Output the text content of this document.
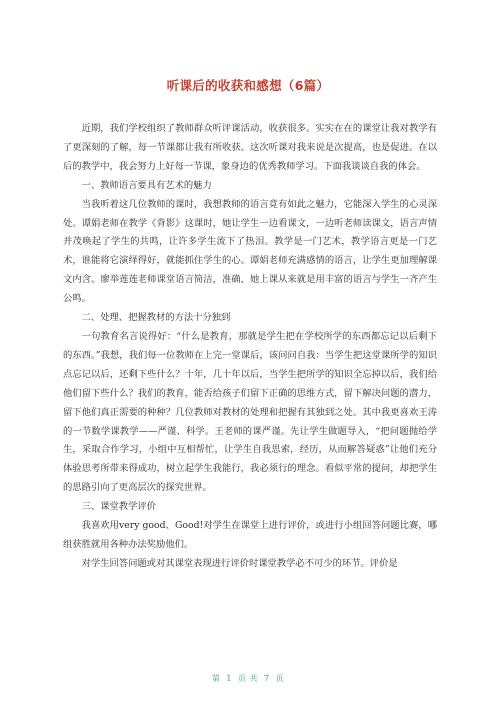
听课后的收获和感想（6篇）

近期，我们学校组织了教师群众听评课活动，收获很多。实实在在的课堂让我对教学有了更深刻的了解，每一节课都让我有所收获。这次听课对我来说是次提高，也是促进。在以后的教学中，我会努力上好每一节课，象身边的优秀教师学习。下面我谈谈自我的体会。

一、教师语言要具有艺术的魅力

当我听着这几位教师的课时，我想教师的语言竟有如此之魅力，它能深入学生的心灵深处。谭娟老师在教学《背影》这课时，她让学生一边看课文，一边听老师读课文，语言声情并茂唤起了学生的共鸣，让许多学生流下了热泪。教学是一门艺术，教学语言更是一门艺术，谁能将它演绎得好，就能抓住学生的心。谭娟老师充满感情的语言，让学生更加理解课文内含。廖举莲莲老师课堂语言简洁，准确，她上课从来就是用丰富的语言与学生一齐产生公鸣。

二、处理、把握教材的方法十分独到

一句教育名言说得好：“什么是教育，那就是学生把在学校所学的东西都忘记以后剩下的东西。”我想，我们每一位教师在上完一堂课后，该问问自我：当学生把这堂课所学的知识点忘记以后，还剩下些什么？十年，几十年以后，当学生把所学的知识全忘掉以后，我们给他们留下些什么？我们的教育，能否给孩子们留下正确的思维方式，留下解决问题的潜力，留下他们真正需要的种种？几位教师对教材的处理和把握有其独到之处。其中我更喜欢王涛的一节数学课教学——严谨、科学。王老师的课严谨。先让学生做题导入，“把问题抛给学生，采取合作学习，小组中互相帮忙，让学生自我思索，经历，从而解答疑惑”让他们充分体验思考所带来得成功，树立起学生我能行，我必须行的理念。看似平常的提问，却把学生的思路引向了更高层次的探究世界。

三、课堂教学评价

我喜欢用very good、Good!对学生在课堂上进行评价，或进行小组回答问题比赛，哪组获胜就用各种办法奖励他们。

对学生回答问题或对其课堂表现进行评价时课堂教学必不可少的环节。评价是

第 1 页 共 7 页
